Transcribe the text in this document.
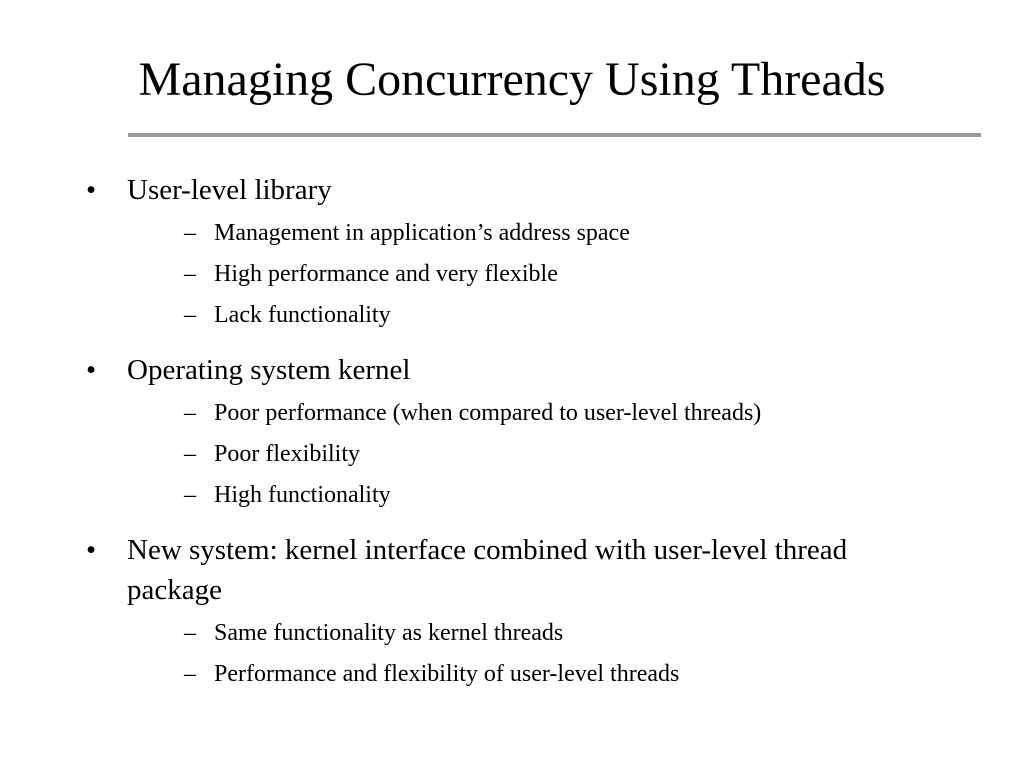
Managing Concurrency Using Threads
•	User-level library
– Management in application’s address space
– High performance and very flexible
– Lack functionality
•	Operating system kernel
– Poor performance (when compared to user-level threads)
– Poor flexibility
– High functionality
•	New system: kernel interface combined with user-level thread package
– Same functionality as kernel threads
– Performance and flexibility of user-level threads
